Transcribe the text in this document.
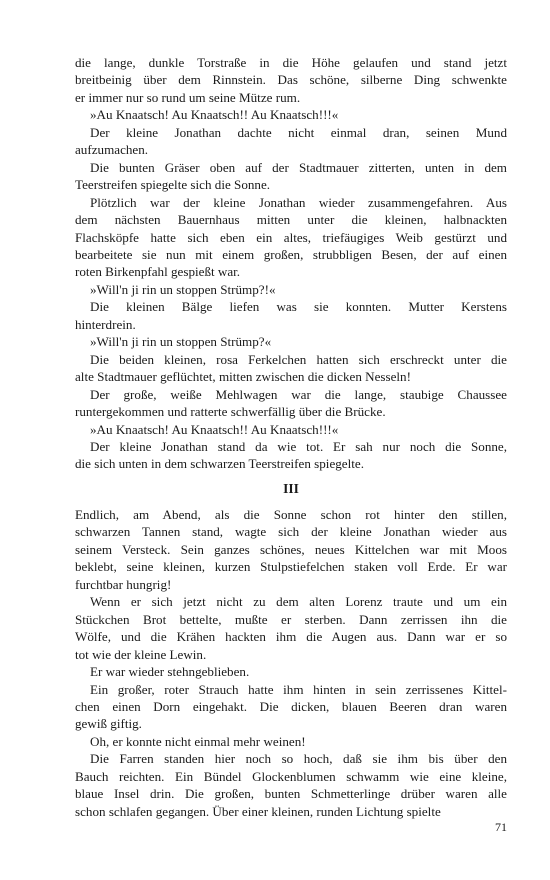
die lange, dunkle Torstraße in die Höhe gelaufen und stand jetzt
breitbeinig über dem Rinnstein. Das schöne, silberne Ding schwenkte
er immer nur so rund um seine Mütze rum.
»Au Knaatsch! Au Knaatsch!! Au Knaatsch!!!«
Der kleine Jonathan dachte nicht einmal dran, seinen Mund
aufzumachen.
Die bunten Gräser oben auf der Stadtmauer zitterten, unten in dem
Teerstreifen spiegelte sich die Sonne.
Plötzlich war der kleine Jonathan wieder zusammengefahren. Aus
dem nächsten Bauernhaus mitten unter die kleinen, halbnackten
Flachsköpfe hatte sich eben ein altes, triefäugiges Weib gestürzt und
bearbeitete sie nun mit einem großen, strubbligen Besen, der auf einen
roten Birkenpfahl gespießt war.
»Will'n ji rin un stoppen Strümp?!«
Die kleinen Bälge liefen was sie konnten. Mutter Kerstens
hinterdrein.
»Will'n ji rin un stoppen Strümp?«
Die beiden kleinen, rosa Ferkelchen hatten sich erschreckt unter die
alte Stadtmauer geflüchtet, mitten zwischen die dicken Nesseln!
Der große, weiße Mehlwagen war die lange, staubige Chaussee
runtergekommen und ratterte schwerfällig über die Brücke.
»Au Knaatsch! Au Knaatsch!! Au Knaatsch!!!«
Der kleine Jonathan stand da wie tot. Er sah nur noch die Sonne,
die sich unten in dem schwarzen Teerstreifen spiegelte.
III
Endlich, am Abend, als die Sonne schon rot hinter den stillen,
schwarzen Tannen stand, wagte sich der kleine Jonathan wieder aus
seinem Versteck. Sein ganzes schönes, neues Kittelchen war mit Moos
beklebt, seine kleinen, kurzen Stulpstiefelchen staken voll Erde. Er war
furchtbar hungrig!
Wenn er sich jetzt nicht zu dem alten Lorenz traute und um ein
Stückchen Brot bettelte, mußte er sterben. Dann zerrissen ihn die
Wölfe, und die Krähen hackten ihm die Augen aus. Dann war er so
tot wie der kleine Lewin.
Er war wieder stehngeblieben.
Ein großer, roter Strauch hatte ihm hinten in sein zerrissenes Kittel-
chen einen Dorn eingehakt. Die dicken, blauen Beeren dran waren
gewiß giftig.
Oh, er konnte nicht einmal mehr weinen!
Die Farren standen hier noch so hoch, daß sie ihm bis über den
Bauch reichten. Ein Bündel Glockenblumen schwamm wie eine kleine,
blaue Insel drin. Die großen, bunten Schmetterlinge drüber waren alle
schon schlafen gegangen. Über einer kleinen, runden Lichtung spielte
71
